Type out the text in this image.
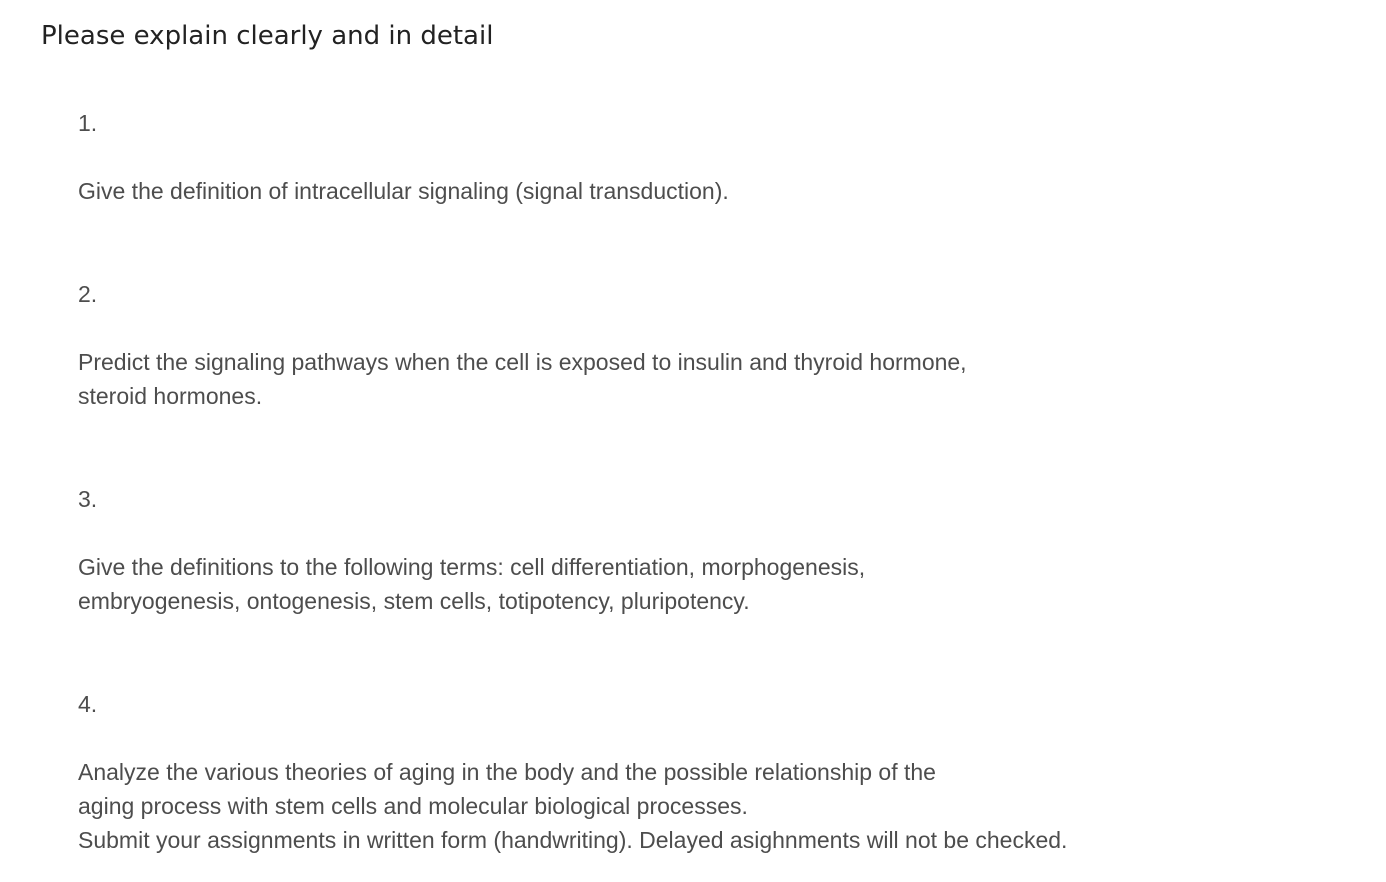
Please explain clearly and in detail
1.
Give the definition of intracellular signaling (signal transduction).
2.
Predict the signaling pathways when the cell is exposed to insulin and thyroid hormone,
steroid hormones.
3.
Give the definitions to the following terms: cell differentiation, morphogenesis,
embryogenesis, ontogenesis, stem cells, totipotency, pluripotency.
4.
Analyze the various theories of aging in the body and the possible relationship of the
aging process with stem cells and molecular biological processes.
Submit your assignments in written form (handwriting). Delayed asighnments will not be checked.
